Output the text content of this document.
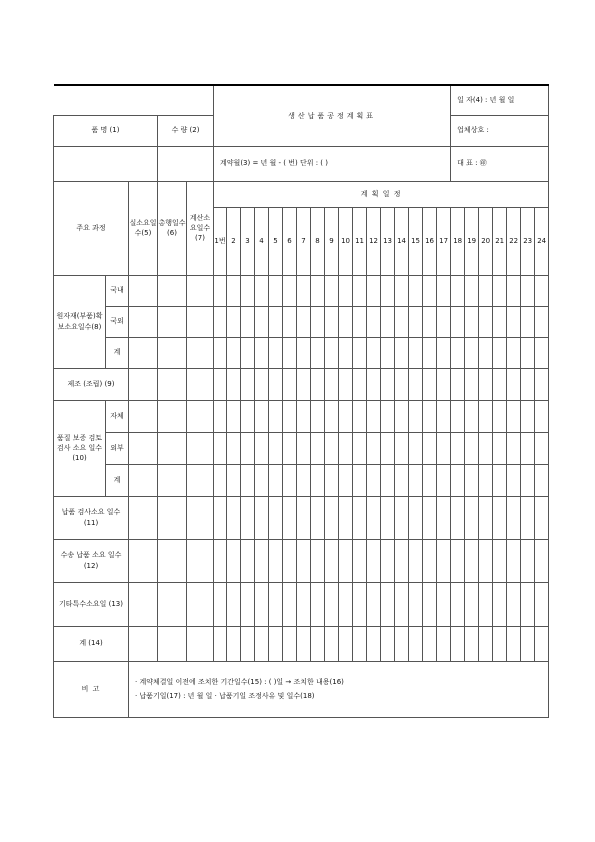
					생산납품공정계획표																	일 자(4) : 년 월 일						

품 명 (1)			수 량 (2)																			업체상호 :						
					계약월(3) = 년 월 - ( 번) 단위 : ( )																	대 표 : ㊞						
주요 과정		실소요일수(5)	총행일수(6)	계산소요일수(7)	계 획 일 정																							
					1번	2	3	4	5	6	7	8	9	10	11	12	13	14	15	16	17	18	19	20	21	22	23	24
원자재(부품)확보소요일수(8)	국내																											
	국외																											
	계																											
제조 (조립) (9)																												
품질 보증 검토 검사 소요 일수 (10)	자체																											
	외부																											
	계																											
납품 검사소요 일수 (11)																												
수송 납품 소요 일수 (12)																												
기타특수소요일 (13)																												
계 (14)																												
비 고		· 계약체결일 이전에 조치한 기간일수(15) : ( )일 → 조치한 내용(16)
· 납품기일(17) : 년 월 일 · 납품기일 조정사유 및 일수(18)																										
